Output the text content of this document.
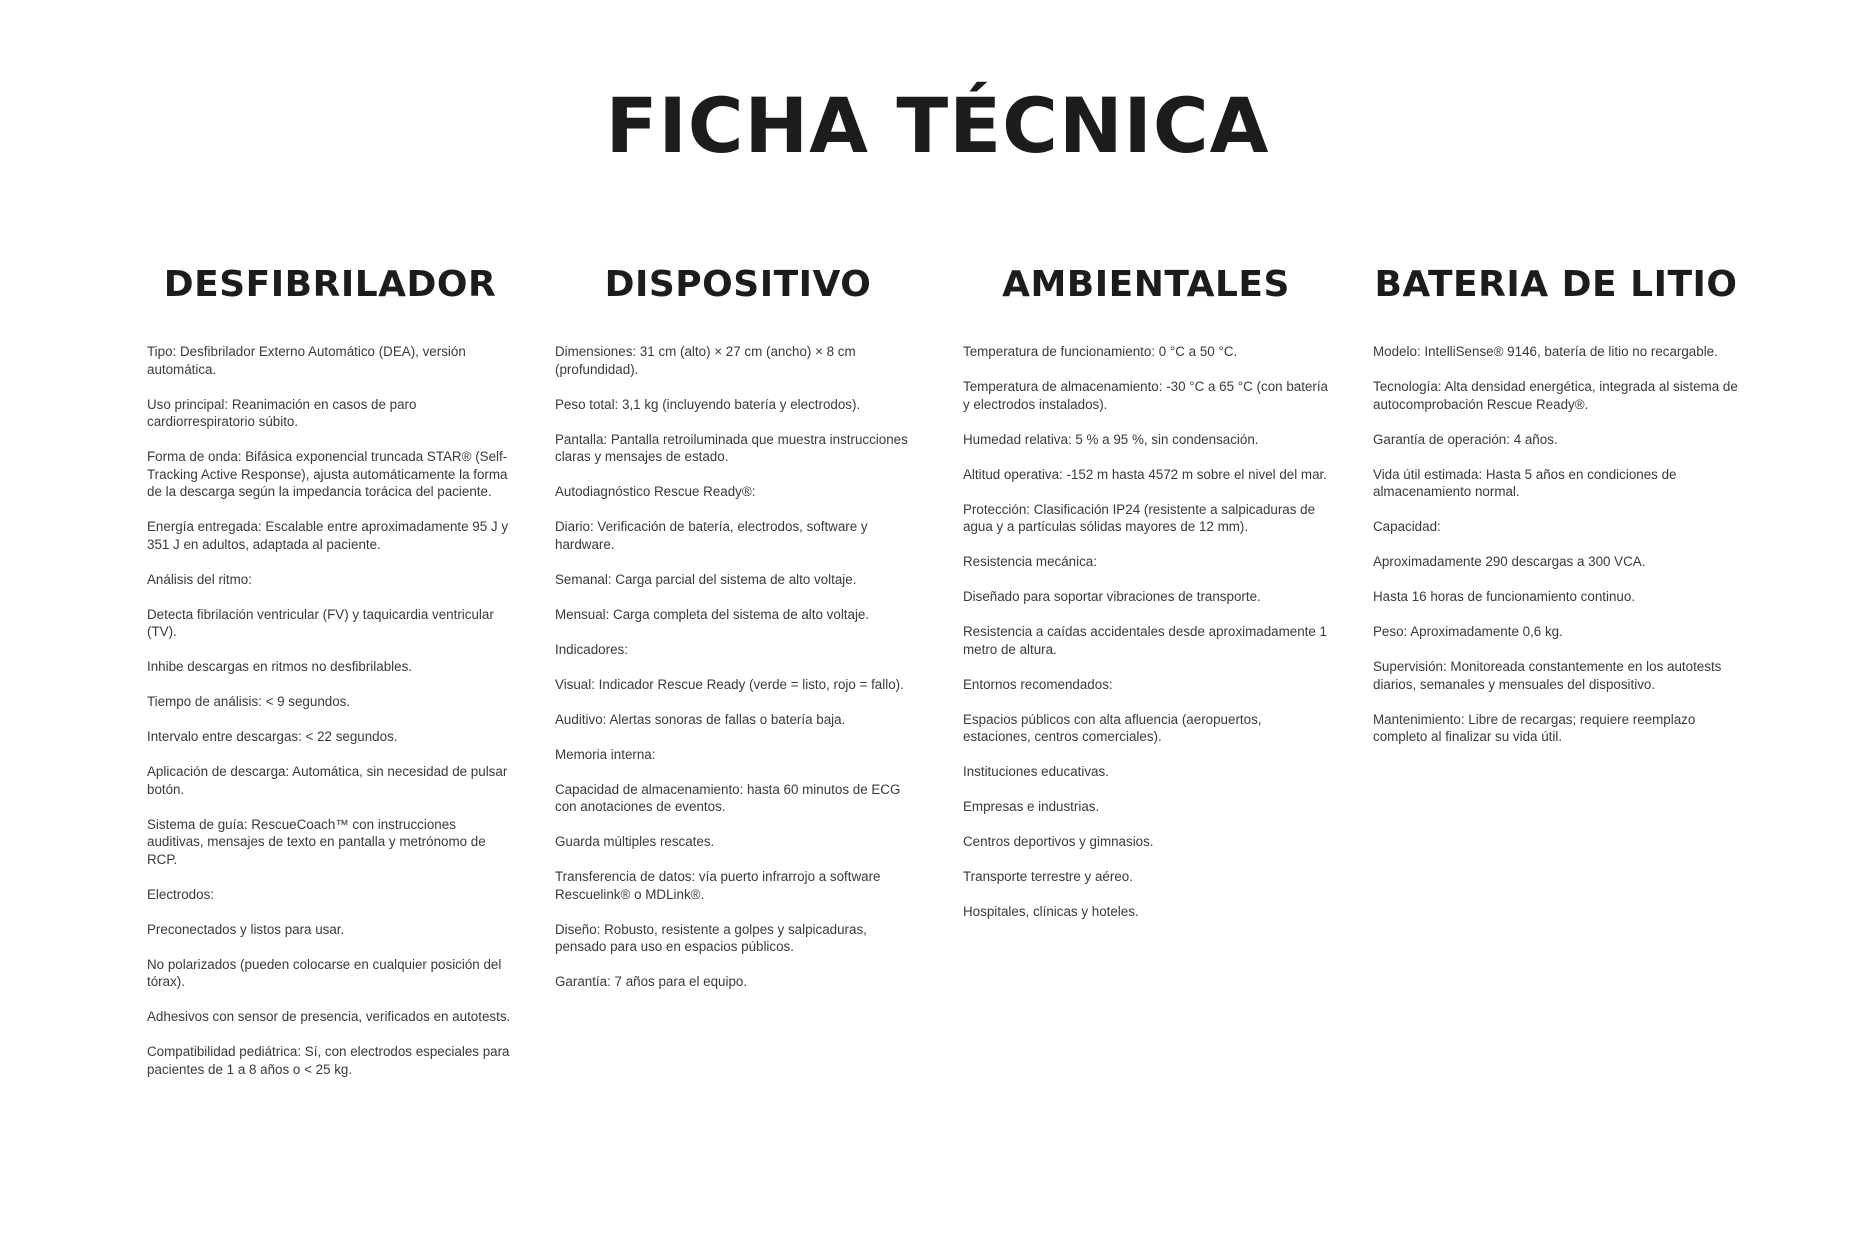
FICHA TÉCNICA
DESFIBRILADOR
Tipo: Desfibrilador Externo Automático (DEA), versión automática.
Uso principal: Reanimación en casos de paro cardiorrespiratorio súbito.
Forma de onda: Bifásica exponencial truncada STAR® (Self-Tracking Active Response), ajusta automáticamente la forma de la descarga según la impedancia torácica del paciente.
Energía entregada: Escalable entre aproximadamente 95 J y 351 J en adultos, adaptada al paciente.
Análisis del ritmo:
Detecta fibrilación ventricular (FV) y taquicardia ventricular (TV).
Inhibe descargas en ritmos no desfibrilables.
Tiempo de análisis: < 9 segundos.
Intervalo entre descargas: < 22 segundos.
Aplicación de descarga: Automática, sin necesidad de pulsar botón.
Sistema de guía: RescueCoach™ con instrucciones auditivas, mensajes de texto en pantalla y metrónomo de RCP.
Electrodos:
Preconectados y listos para usar.
No polarizados (pueden colocarse en cualquier posición del tórax).
Adhesivos con sensor de presencia, verificados en autotests.
Compatibilidad pediátrica: Sí, con electrodos especiales para pacientes de 1 a 8 años o < 25 kg.
DISPOSITIVO
Dimensiones: 31 cm (alto) × 27 cm (ancho) × 8 cm (profundidad).
Peso total: 3,1 kg (incluyendo batería y electrodos).
Pantalla: Pantalla retroiluminada que muestra instrucciones claras y mensajes de estado.
Autodiagnóstico Rescue Ready®:
Diario: Verificación de batería, electrodos, software y hardware.
Semanal: Carga parcial del sistema de alto voltaje.
Mensual: Carga completa del sistema de alto voltaje.
Indicadores:
Visual: Indicador Rescue Ready (verde = listo, rojo = fallo).
Auditivo: Alertas sonoras de fallas o batería baja.
Memoria interna:
Capacidad de almacenamiento: hasta 60 minutos de ECG con anotaciones de eventos.
Guarda múltiples rescates.
Transferencia de datos: vía puerto infrarrojo a software Rescuelink® o MDLink®.
Diseño: Robusto, resistente a golpes y salpicaduras, pensado para uso en espacios públicos.
Garantía: 7 años para el equipo.
AMBIENTALES
Temperatura de funcionamiento: 0 °C a 50 °C.
Temperatura de almacenamiento: -30 °C a 65 °C (con batería y electrodos instalados).
Humedad relativa: 5 % a 95 %, sin condensación.
Altitud operativa: -152 m hasta 4572 m sobre el nivel del mar.
Protección: Clasificación IP24 (resistente a salpicaduras de agua y a partículas sólidas mayores de 12 mm).
Resistencia mecánica:
Diseñado para soportar vibraciones de transporte.
Resistencia a caídas accidentales desde aproximadamente 1 metro de altura.
Entornos recomendados:
Espacios públicos con alta afluencia (aeropuertos, estaciones, centros comerciales).
Instituciones educativas.
Empresas e industrias.
Centros deportivos y gimnasios.
Transporte terrestre y aéreo.
Hospitales, clínicas y hoteles.
BATERIA DE LITIO
Modelo: IntelliSense® 9146, batería de litio no recargable.
Tecnología: Alta densidad energética, integrada al sistema de autocomprobación Rescue Ready®.
Garantía de operación: 4 años.
Vida útil estimada: Hasta 5 años en condiciones de almacenamiento normal.
Capacidad:
Aproximadamente 290 descargas a 300 VCA.
Hasta 16 horas de funcionamiento continuo.
Peso: Aproximadamente 0,6 kg.
Supervisión: Monitoreada constantemente en los autotests diarios, semanales y mensuales del dispositivo.
Mantenimiento: Libre de recargas; requiere reemplazo completo al finalizar su vida útil.
